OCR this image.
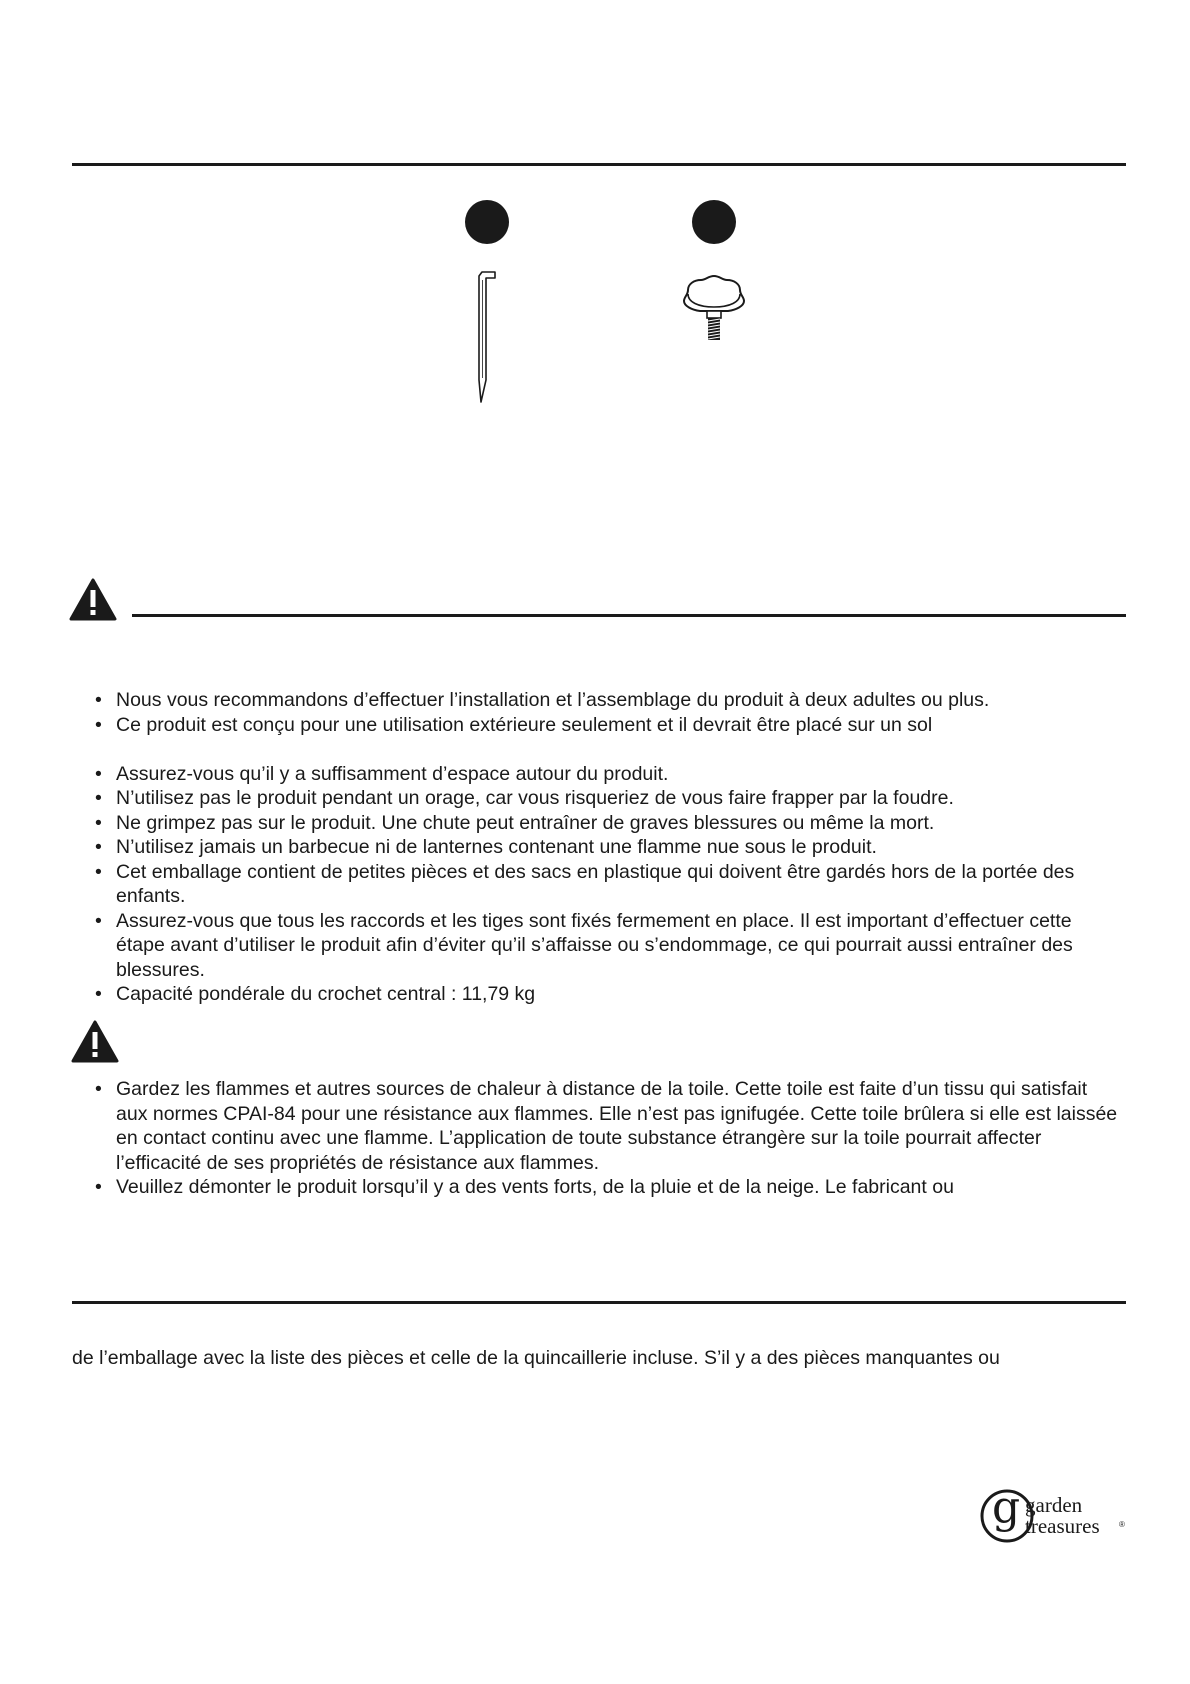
• Nous vous recommandons d’effectuer l’installation et l’assemblage du produit à deux adultes ou plus.
• Ce produit est conçu pour une utilisation extérieure seulement et il devrait être placé sur un sol
• Assurez-vous qu’il y a suffisamment d’espace autour du produit.
• N’utilisez pas le produit pendant un orage, car vous risqueriez de vous faire frapper par la foudre.
• Ne grimpez pas sur le produit. Une chute peut entraîner de graves blessures ou même la mort.
• N’utilisez jamais un barbecue ni de lanternes contenant une flamme nue sous le produit.
• Cet emballage contient de petites pièces et des sacs en plastique qui doivent être gardés hors de la portée des enfants.
• Assurez-vous que tous les raccords et les tiges sont fixés fermement en place. Il est important d’effectuer cette étape avant d’utiliser le produit afin d’éviter qu’il s’affaisse ou s’endommage, ce qui pourrait aussi entraîner des blessures.
• Capacité pondérale du crochet central : 11,79 kg
• Gardez les flammes et autres sources de chaleur à distance de la toile. Cette toile est faite d’un tissu qui satisfait aux normes CPAI-84 pour une résistance aux flammes. Elle n’est pas ignifugée. Cette toile brûlera si elle est laissée en contact continu avec une flamme. L’application de toute substance étrangère sur la toile pourrait affecter l’efficacité de ses propriétés de résistance aux flammes.
• Veuillez démonter le produit lorsqu’il y a des vents forts, de la pluie et de la neige. Le fabricant ou
de l’emballage avec la liste des pièces et celle de la quincaillerie incluse. S’il y a des pièces manquantes ou
g garden
treasures ®
